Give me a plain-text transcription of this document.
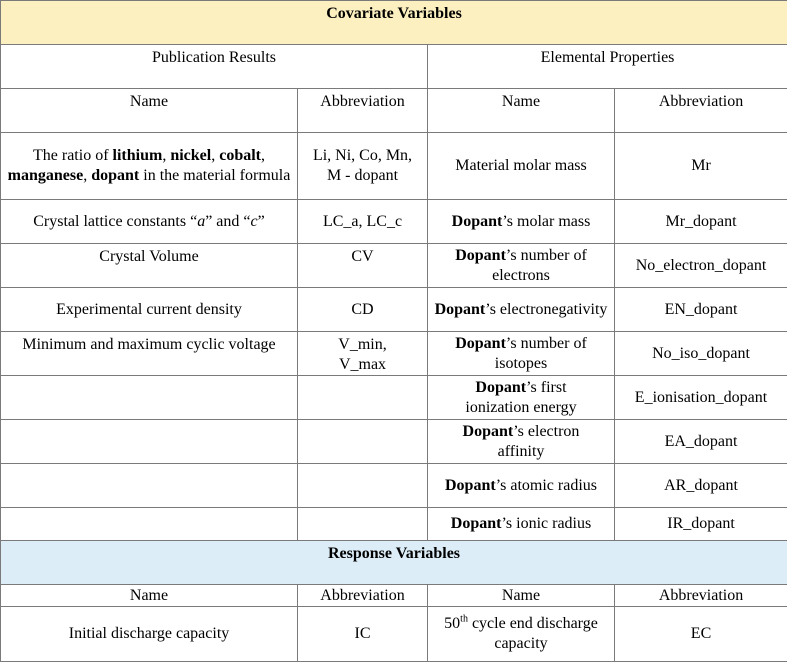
Covariate Variables			
Publication Results		Elemental Properties	
Name	Abbreviation	Name	Abbreviation
The ratio of lithium, nickel, cobalt, manganese, dopant in the material formula	Li, Ni, Co, Mn, M - dopant	Material molar mass	Mr
Crystal lattice constants “a” and “c”	LC_a, LC_c	Dopant’s molar mass	Mr_dopant
Crystal Volume	CV	Dopant’s number of electrons	No_electron_dopant
Experimental current density	CD	Dopant’s electronegativity	EN_dopant
Minimum and maximum cyclic voltage	V_min, V_max	Dopant’s number of isotopes	No_iso_dopant
		Dopant’s first ionization energy	E_ionisation_dopant
		Dopant’s electron affinity	EA_dopant
		Dopant’s atomic radius	AR_dopant
		Dopant’s ionic radius	IR_dopant
Response Variables			
Name	Abbreviation	Name	Abbreviation
Initial discharge capacity	IC	50th cycle end discharge capacity	EC
